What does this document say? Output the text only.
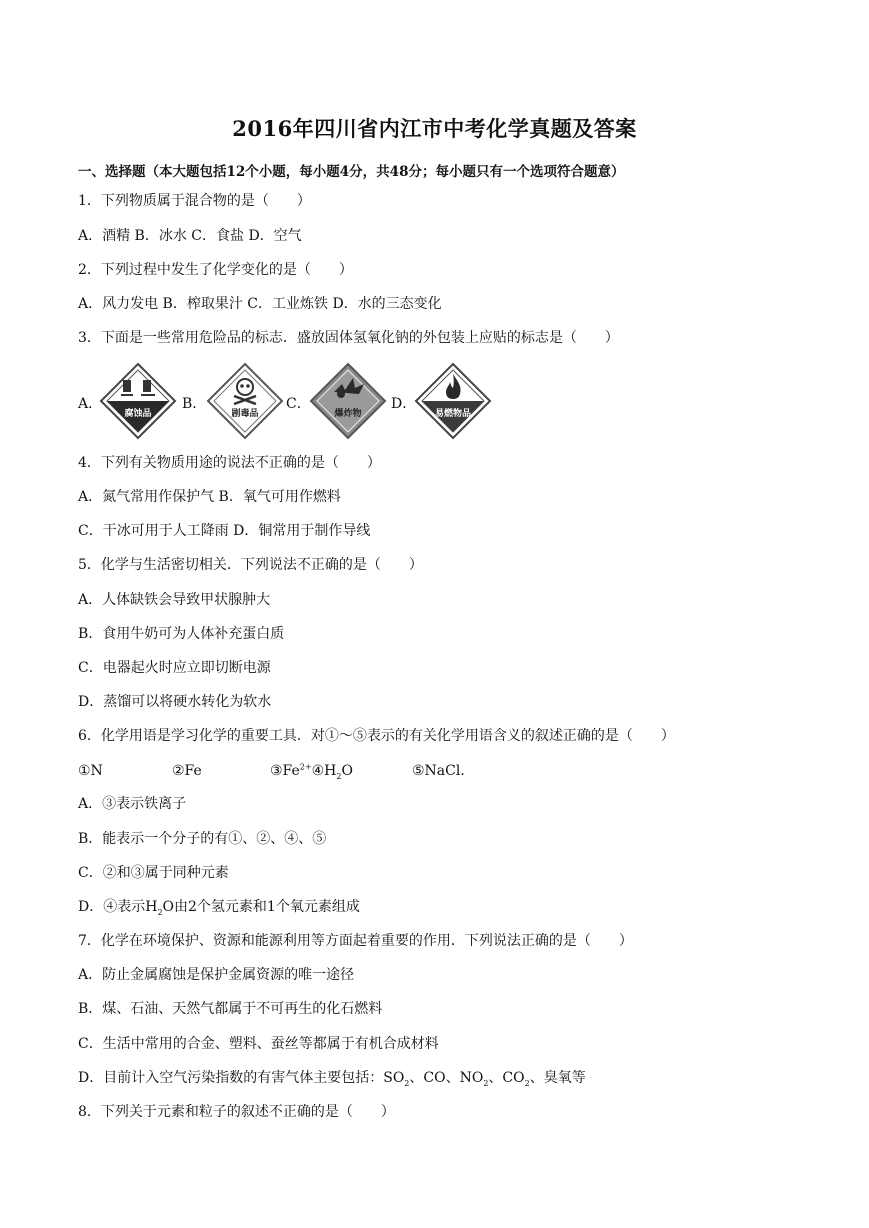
2016年四川省内江市中考化学真题及答案
一、选择题（本大题包括12个小题，每小题4分，共48分；每小题只有一个选项符合题意）
1．下列物质属于混合物的是（　　）
A．酒精 B．冰水 C．食盐 D．空气
2．下列过程中发生了化学变化的是（　　）
A．风力发电 B．榨取果汁 C．工业炼铁 D．水的三态变化
3．下面是一些常用危险品的标志．盛放固体氢氧化钠的外包装上应贴的标志是（　　）
A．
腐蚀品
B．
剧毒品
C．
爆炸物
D．
易燃物品
4．下列有关物质用途的说法不正确的是（　　）
A．氮气常用作保护气 B．氧气可用作燃料
C．干冰可用于人工降雨 D．铜常用于制作导线
5．化学与生活密切相关．下列说法不正确的是（　　）
A．人体缺铁会导致甲状腺肿大
B．食用牛奶可为人体补充蛋白质
C．电器起火时应立即切断电源
D．蒸馏可以将硬水转化为软水
6．化学用语是学习化学的重要工具．对①～⑤表示的有关化学用语含义的叙述正确的是（　　）
①N	②Fe	$③Fe^{2+}④H_2O$	⑤NaCl．
A．③表示铁离子
B．能表示一个分子的有①、②、④、⑤
C．②和③属于同种元素
D．④表示$H_2O$由2个氢元素和1个氧元素组成
7．化学在环境保护、资源和能源利用等方面起着重要的作用．下列说法正确的是（　　）
A．防止金属腐蚀是保护金属资源的唯一途径
B．煤、石油、天然气都属于不可再生的化石燃料
C．生活中常用的合金、塑料、蚕丝等都属于有机合成材料
D．目前计入空气污染指数的有害气体主要包括：$SO_2$、CO、$NO_2$、$CO_2$、臭氧等
8．下列关于元素和粒子的叙述不正确的是（　　）
